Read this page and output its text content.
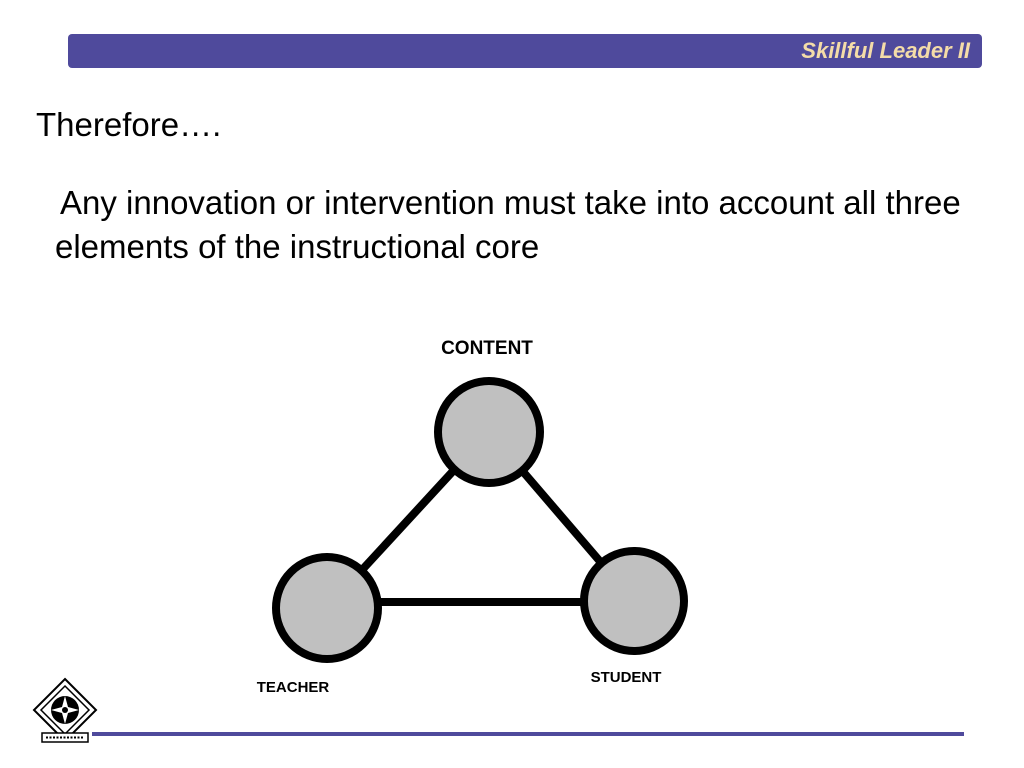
Skillful Leader II
Therefore….

Any innovation or intervention must take into account all three elements of the instructional core

CONTENT
STUDENT
TEACHER
